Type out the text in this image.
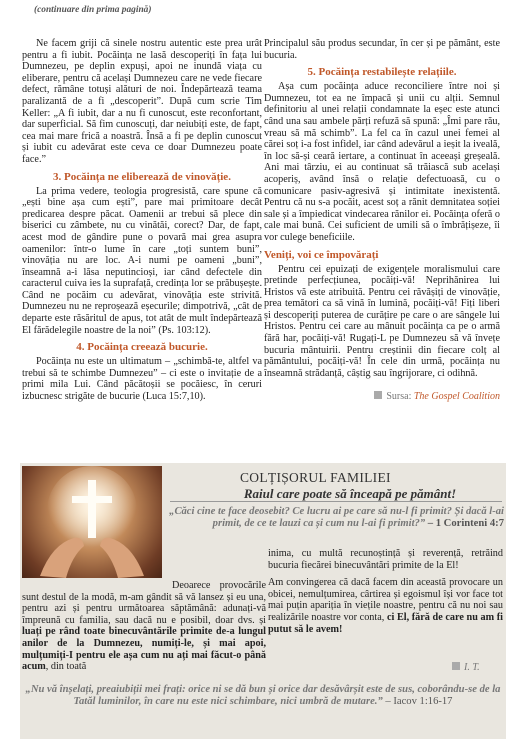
(continuare din prima pagină)

Ne facem griji că sinele nostru autentic este prea urât pentru a fi iubit. Pocăința ne lasă descoperiți în fața lui Dumnezeu, pe deplin expuși, apoi ne inundă viața cu eliberare, pentru că același Dumnezeu care ne vede fiecare defect, rămâne totuși alături de noi. Îndepărtează teama paralizantă de a fi „descoperit”. După cum scrie Tim Keller: „A fi iubit, dar a nu fi cunoscut, este reconfortant, dar superficial. Să fim cunoscuți, dar neiubiți este, de fapt, cea mai mare frică a noastră. Însă a fi pe deplin cunoscut și iubit cu adevărat este ceva ce doar Dumnezeu poate face.”

3. Pocăința ne eliberează de vinovăție.

La prima vedere, teologia progresistă, care spune că „ești bine așa cum ești”, pare mai primitoare decât predicarea despre păcat. Oamenii ar trebui să plece din biserici cu zâmbete, nu cu vinătăi, corect? Dar, de fapt, acest mod de gândire pune o povară mai grea asupra oamenilor: într-o lume în care „toți suntem buni”, vinovăția nu are loc. A-i numi pe oameni „buni”, înseamnă a-i lăsa neputincioși, iar când defectele din caracterul cuiva ies la suprafață, credința lor se prăbușește. Când ne pocăim cu adevărat, vinovăția este strivită. Dumnezeu nu ne reproșează eșecurile; dimpotrivă, „cât de departe este răsăritul de apus, tot atât de mult îndepărtează El fărădelegile noastre de la noi” (Ps. 103:12).

4. Pocăința creează bucurie.

Pocăința nu este un ultimatum – „schimbă-te, altfel va trebui să te schimbe Dumnezeu” – ci este o invitație de a primi mila Lui. Când păcătoșii se pocăiesc, în ceruri izbucnesc strigăte de bucurie (Luca 15:7,10).

Principalul său produs secundar, în cer și pe pământ, este bucuria.

5. Pocăința restabilește relațiile.

Așa cum pocăința aduce reconciliere între noi și Dumnezeu, tot ea ne împacă și unii cu alții. Semnul definitoriu al unei relații condamnate la eșec este atunci când una sau ambele părți refuză să spună: „Îmi pare rău, vreau să mă schimb”. La fel ca în cazul unei femei al cărei soț i-a fost infidel, iar când adevărul a ieșit la iveală, în loc să-și ceară iertare, a continuat în aceeași greșeală. Ani mai târziu, ei au continuat să trăiască sub același acoperiș, având însă o relație defectuoasă, cu o comunicare pasiv-agresivă și intimitate inexistentă. Pentru că nu s-a pocăit, acest soț a rănit demnitatea soției sale și a împiedicat vindecarea rănilor ei. Pocăința oferă o cale mai bună. Cei suficient de umili să o îmbrățișeze, îi vor culege beneficiile.

Veniți, voi ce împovărați

Pentru cei epuizați de exigențele moralismului care pretinde perfecțiunea, pocăiți-vă! Neprihănirea lui Hristos vă este atribuită. Pentru cei răvășiți de vinovăție, prea temători ca să vină în lumină, pocăiți-vă! Fiți liberi și descoperiți puterea de curățire pe care o are sângele lui Hristos. Pentru cei care au mânuit pocăința ca pe o armă fără har, pocăiți-vă! Rugați-L pe Dumnezeu să vă învețe bucuria mântuirii. Pentru creștinii din fiecare colț al pământului, pocăiți-vă! În cele din urmă, pocăința nu înseamnă strădanță, câștig sau îngrijorare, ci odihnă.

Sursa: The Gospel Coalition
COLȚIȘORUL FAMILIEI
Raiul care poate să înceapă pe pământ!
„Căci cine te face deosebit? Ce lucru ai pe care să nu-l fi primit? Și dacă l-ai primit, de ce te lauzi ca și cum nu l-ai fi primit?” – 1 Corinteni 4:7

inima, cu multă recunoștință și reverență, retrăind bucuria fiecărei binecuvântări primite de la El!

Am convingerea că dacă facem din această provocare un obicei, nemulțumirea, cârtirea și egoismul își vor face tot mai puțin apariția în viețile noastre, pentru că nu noi sau realizările noastre vor conta, ci El, fără de care nu am fi putut să le avem!

Deoarece provocările sunt destul de la modă, m-am gândit să vă lansez și eu una, pentru azi și pentru următoarea săptămână: adunați-vă împreună cu familia, sau dacă nu e posibil, doar dvs. și luați pe rând toate binecuvântările primite de-a lungul anilor de la Dumnezeu, numiți-le, și mai apoi, mulțumiți-I pentru ele așa cum nu ați mai făcut-o până acum, din toată	I. T.
„Nu vă înșelați, preaiubiții mei frați: orice ni se dă bun și orice dar desăvârșit este de sus, coborându-se de la Tatăl luminilor, în care nu este nici schimbare, nici umbră de mutare.” – Iacov 1:16-17
